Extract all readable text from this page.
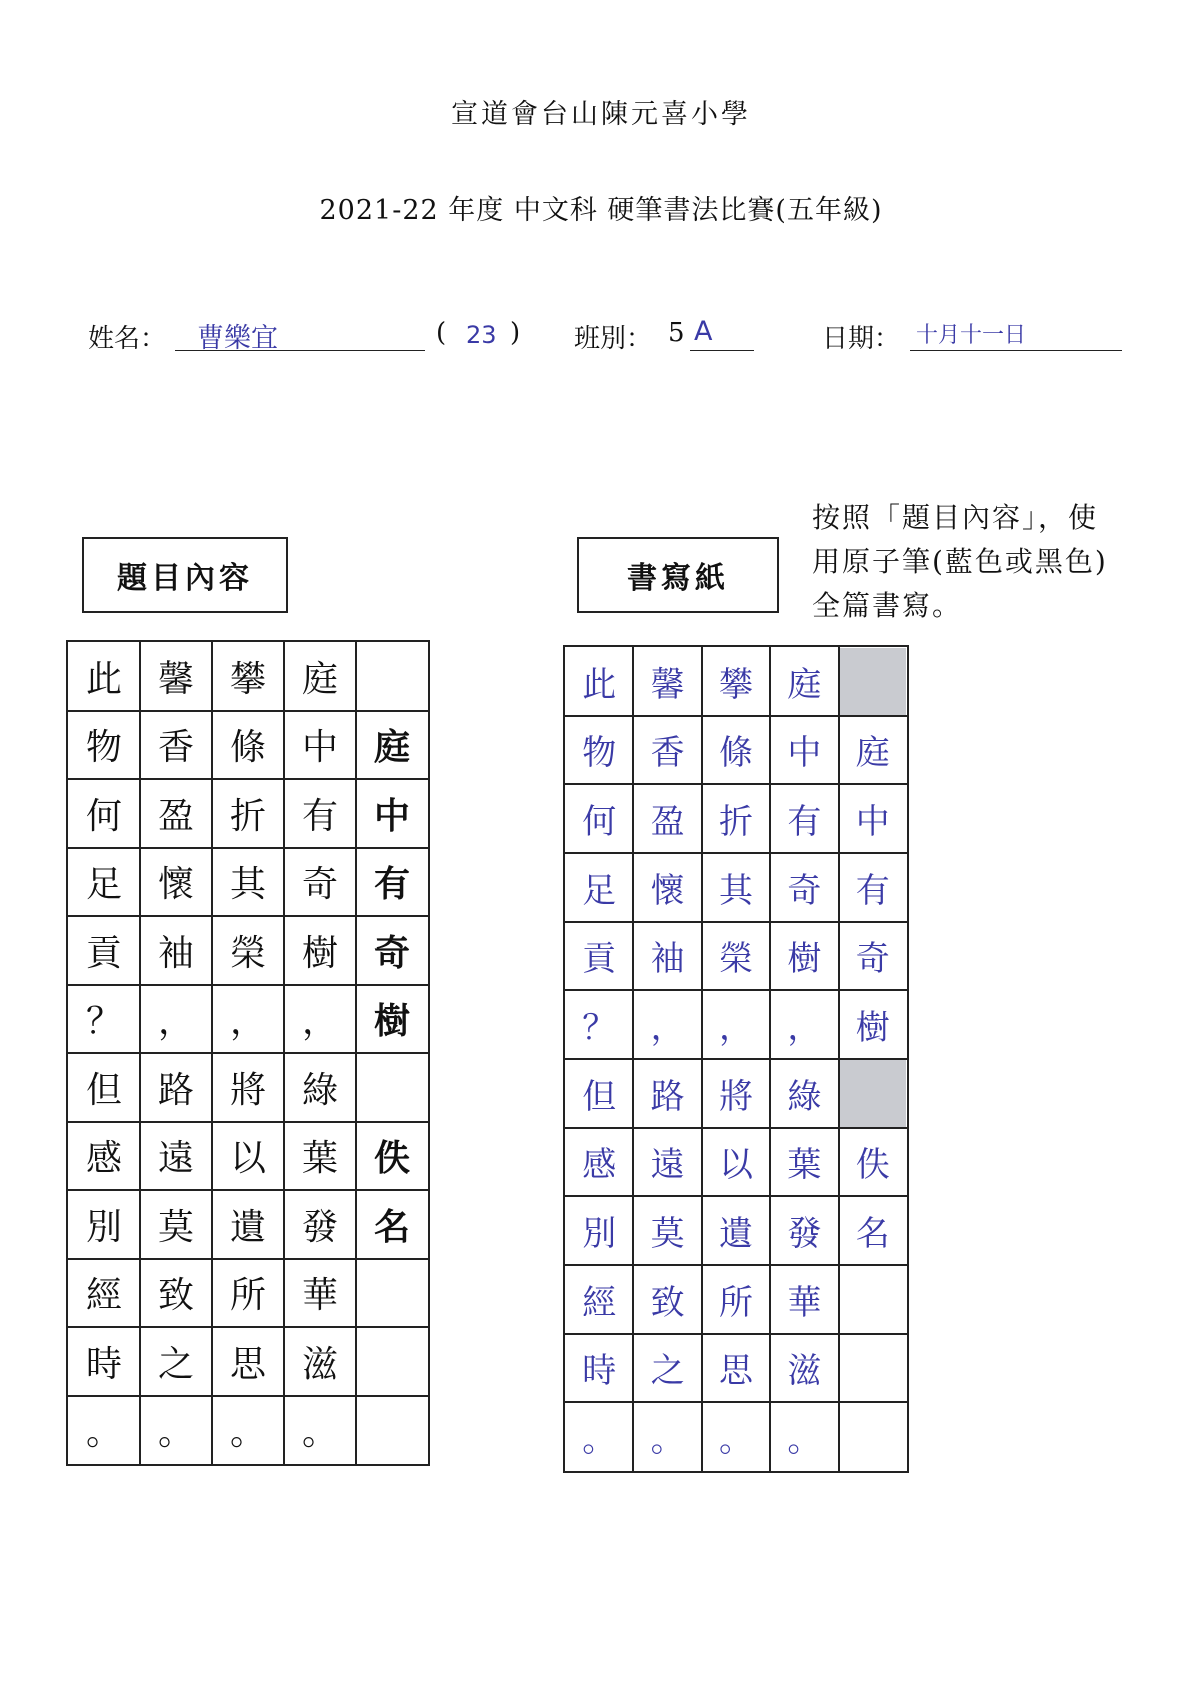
宣道會台山陳元喜小學
2021-22 年度 中文科 硬筆書法比賽(五年級)
姓名： 曹樂宜	( 23 ) 班別： 5 A	日期： 十月十一日
題目內容	書寫紙
按照「題目內容」，使
用原子筆(藍色或黑色)
全篇書寫。
此 馨 攀 庭
物 香 條 中 庭
何 盈 折 有 中
足 懷 其 奇 有
貢 袖 榮 樹 奇
？ ， ， ， 樹
但 路 將 綠
感 遠 以 葉 佚
別 莫 遺 發 名
經 致 所 華
時 之 思 滋
。 。 。 。
此	馨	攀	庭
物	香	條	中	庭
何	盈	折	有	中
足	懷	其	奇	有
貢	袖	榮	樹	奇
？	，	，	，	樹
但	路	將	綠
感	遠	以	葉	佚
別	莫	遺	發	名
經	致	所	華
時	之	思	滋
。	。	。	。
